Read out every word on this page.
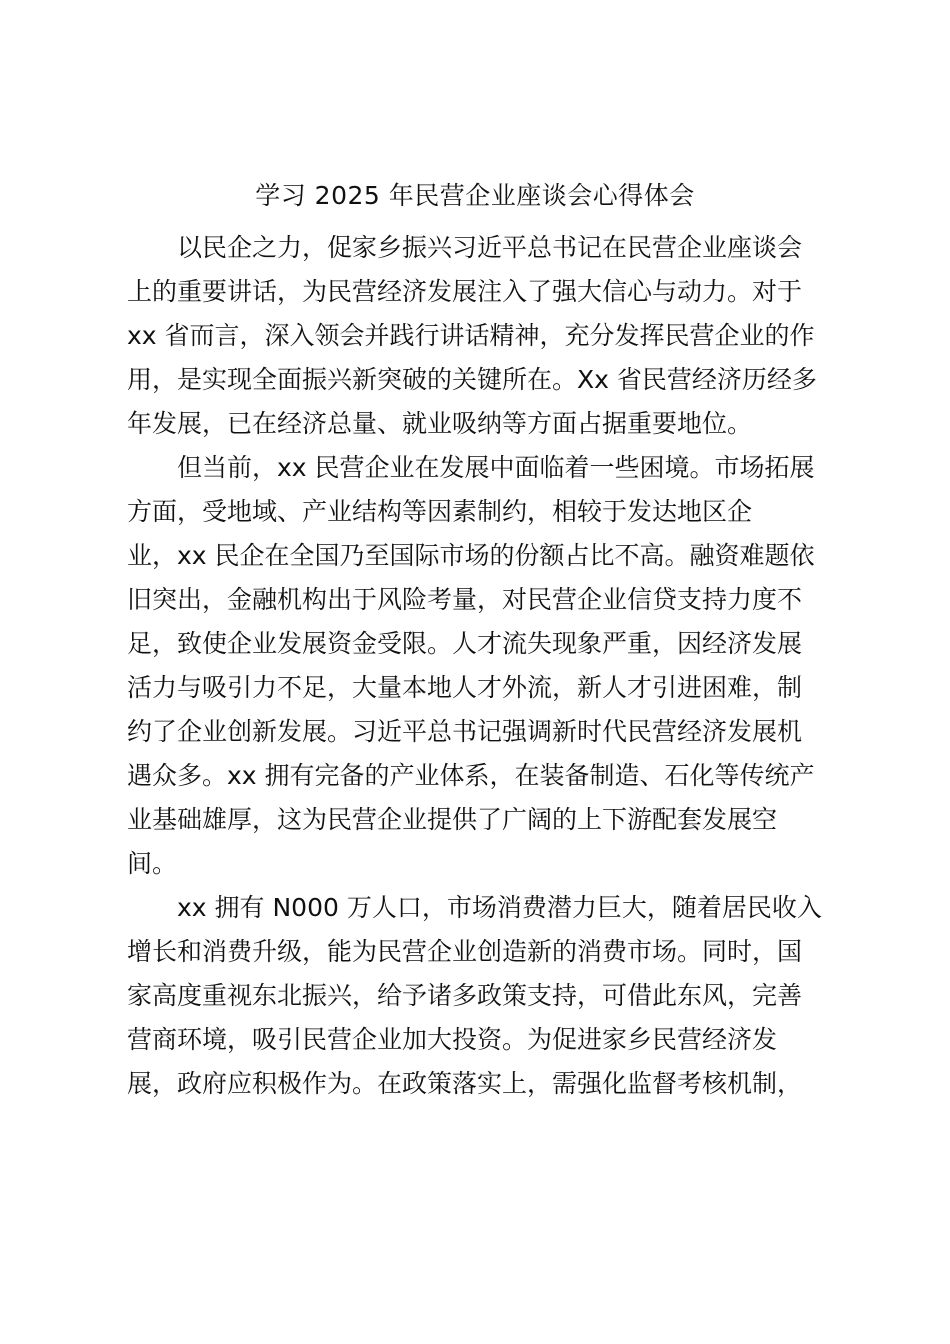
学习 2025 年民营企业座谈会心得体会

以民企之力，促家乡振兴习近平总书记在民营企业座谈会
上的重要讲话，为民营经济发展注入了强大信心与动力。对于
xx 省而言，深入领会并践行讲话精神，充分发挥民营企业的作
用，是实现全面振兴新突破的关键所在。Xx 省民营经济历经多
年发展，已在经济总量、就业吸纳等方面占据重要地位。

但当前，xx 民营企业在发展中面临着一些困境。市场拓展
方面，受地域、产业结构等因素制约，相较于发达地区企
业，xx 民企在全国乃至国际市场的份额占比不高。融资难题依
旧突出，金融机构出于风险考量，对民营企业信贷支持力度不
足，致使企业发展资金受限。人才流失现象严重，因经济发展
活力与吸引力不足，大量本地人才外流，新人才引进困难，制
约了企业创新发展。习近平总书记强调新时代民营经济发展机
遇众多。xx 拥有完备的产业体系，在装备制造、石化等传统产
业基础雄厚，这为民营企业提供了广阔的上下游配套发展空
间。

xx 拥有 N000 万人口，市场消费潜力巨大，随着居民收入
增长和消费升级，能为民营企业创造新的消费市场。同时，国
家高度重视东北振兴，给予诸多政策支持，可借此东风，完善
营商环境，吸引民营企业加大投资。为促进家乡民营经济发
展，政府应积极作为。在政策落实上，需强化监督考核机制，
